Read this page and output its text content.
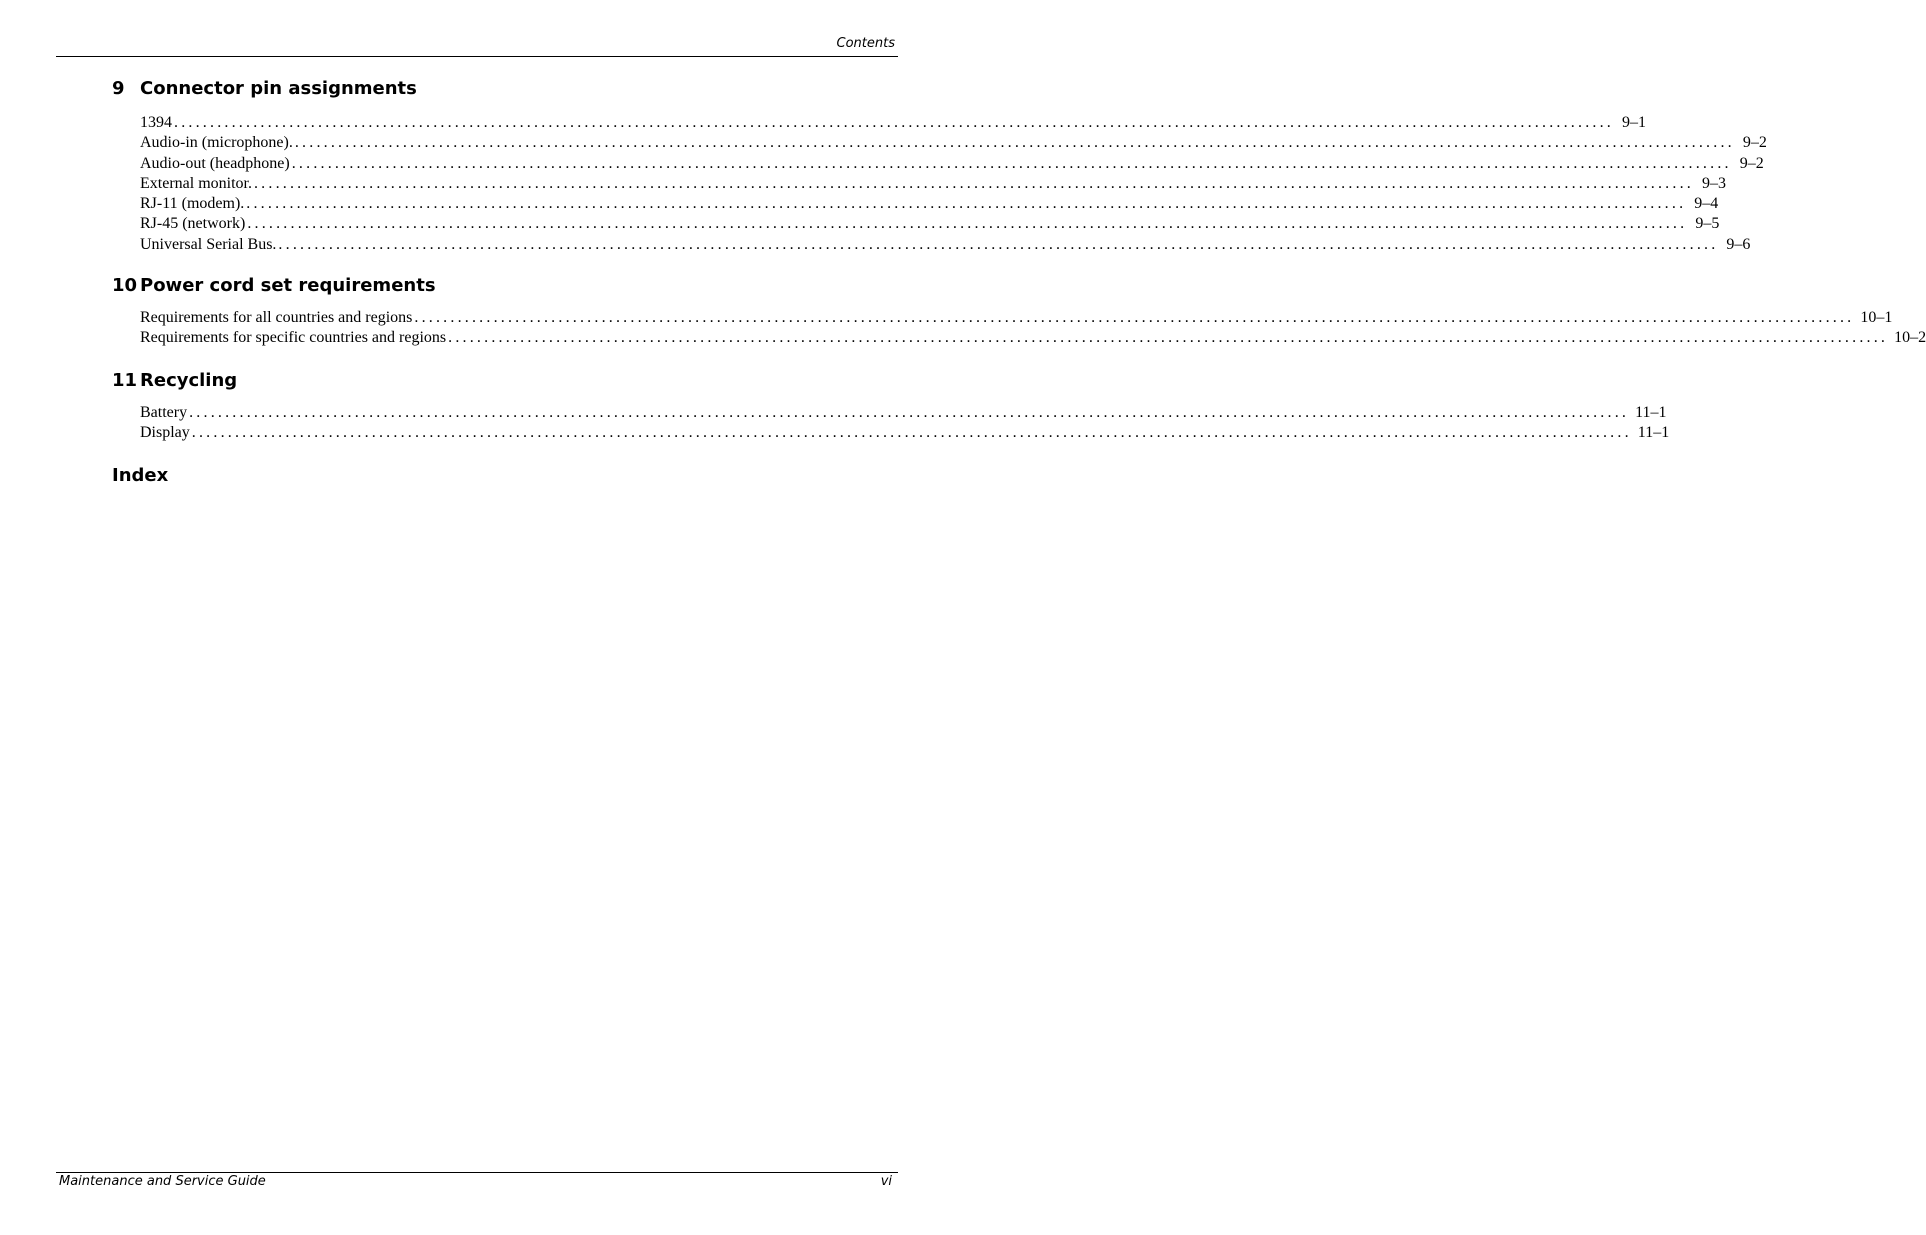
Contents
9 Connector pin assignments
1394 ........................................................................................................................................................................................................ 9–1
Audio-in (microphone). ........................................................................................................................................................................................................ 9–2
Audio-out (headphone) ........................................................................................................................................................................................................ 9–2
External monitor. ........................................................................................................................................................................................................ 9–3
RJ-11 (modem). ........................................................................................................................................................................................................ 9–4
RJ-45 (network) ........................................................................................................................................................................................................ 9–5
Universal Serial Bus. ........................................................................................................................................................................................................ 9–6
10 Power cord set requirements
Requirements for all countries and regions ........................................................................................................................................................................................................ 10–1
Requirements for specific countries and regions ........................................................................................................................................................................................................ 10–2
11 Recycling
Battery ........................................................................................................................................................................................................ 11–1
Display ........................................................................................................................................................................................................ 11–1
Index
Maintenance and Service Guide	vi
